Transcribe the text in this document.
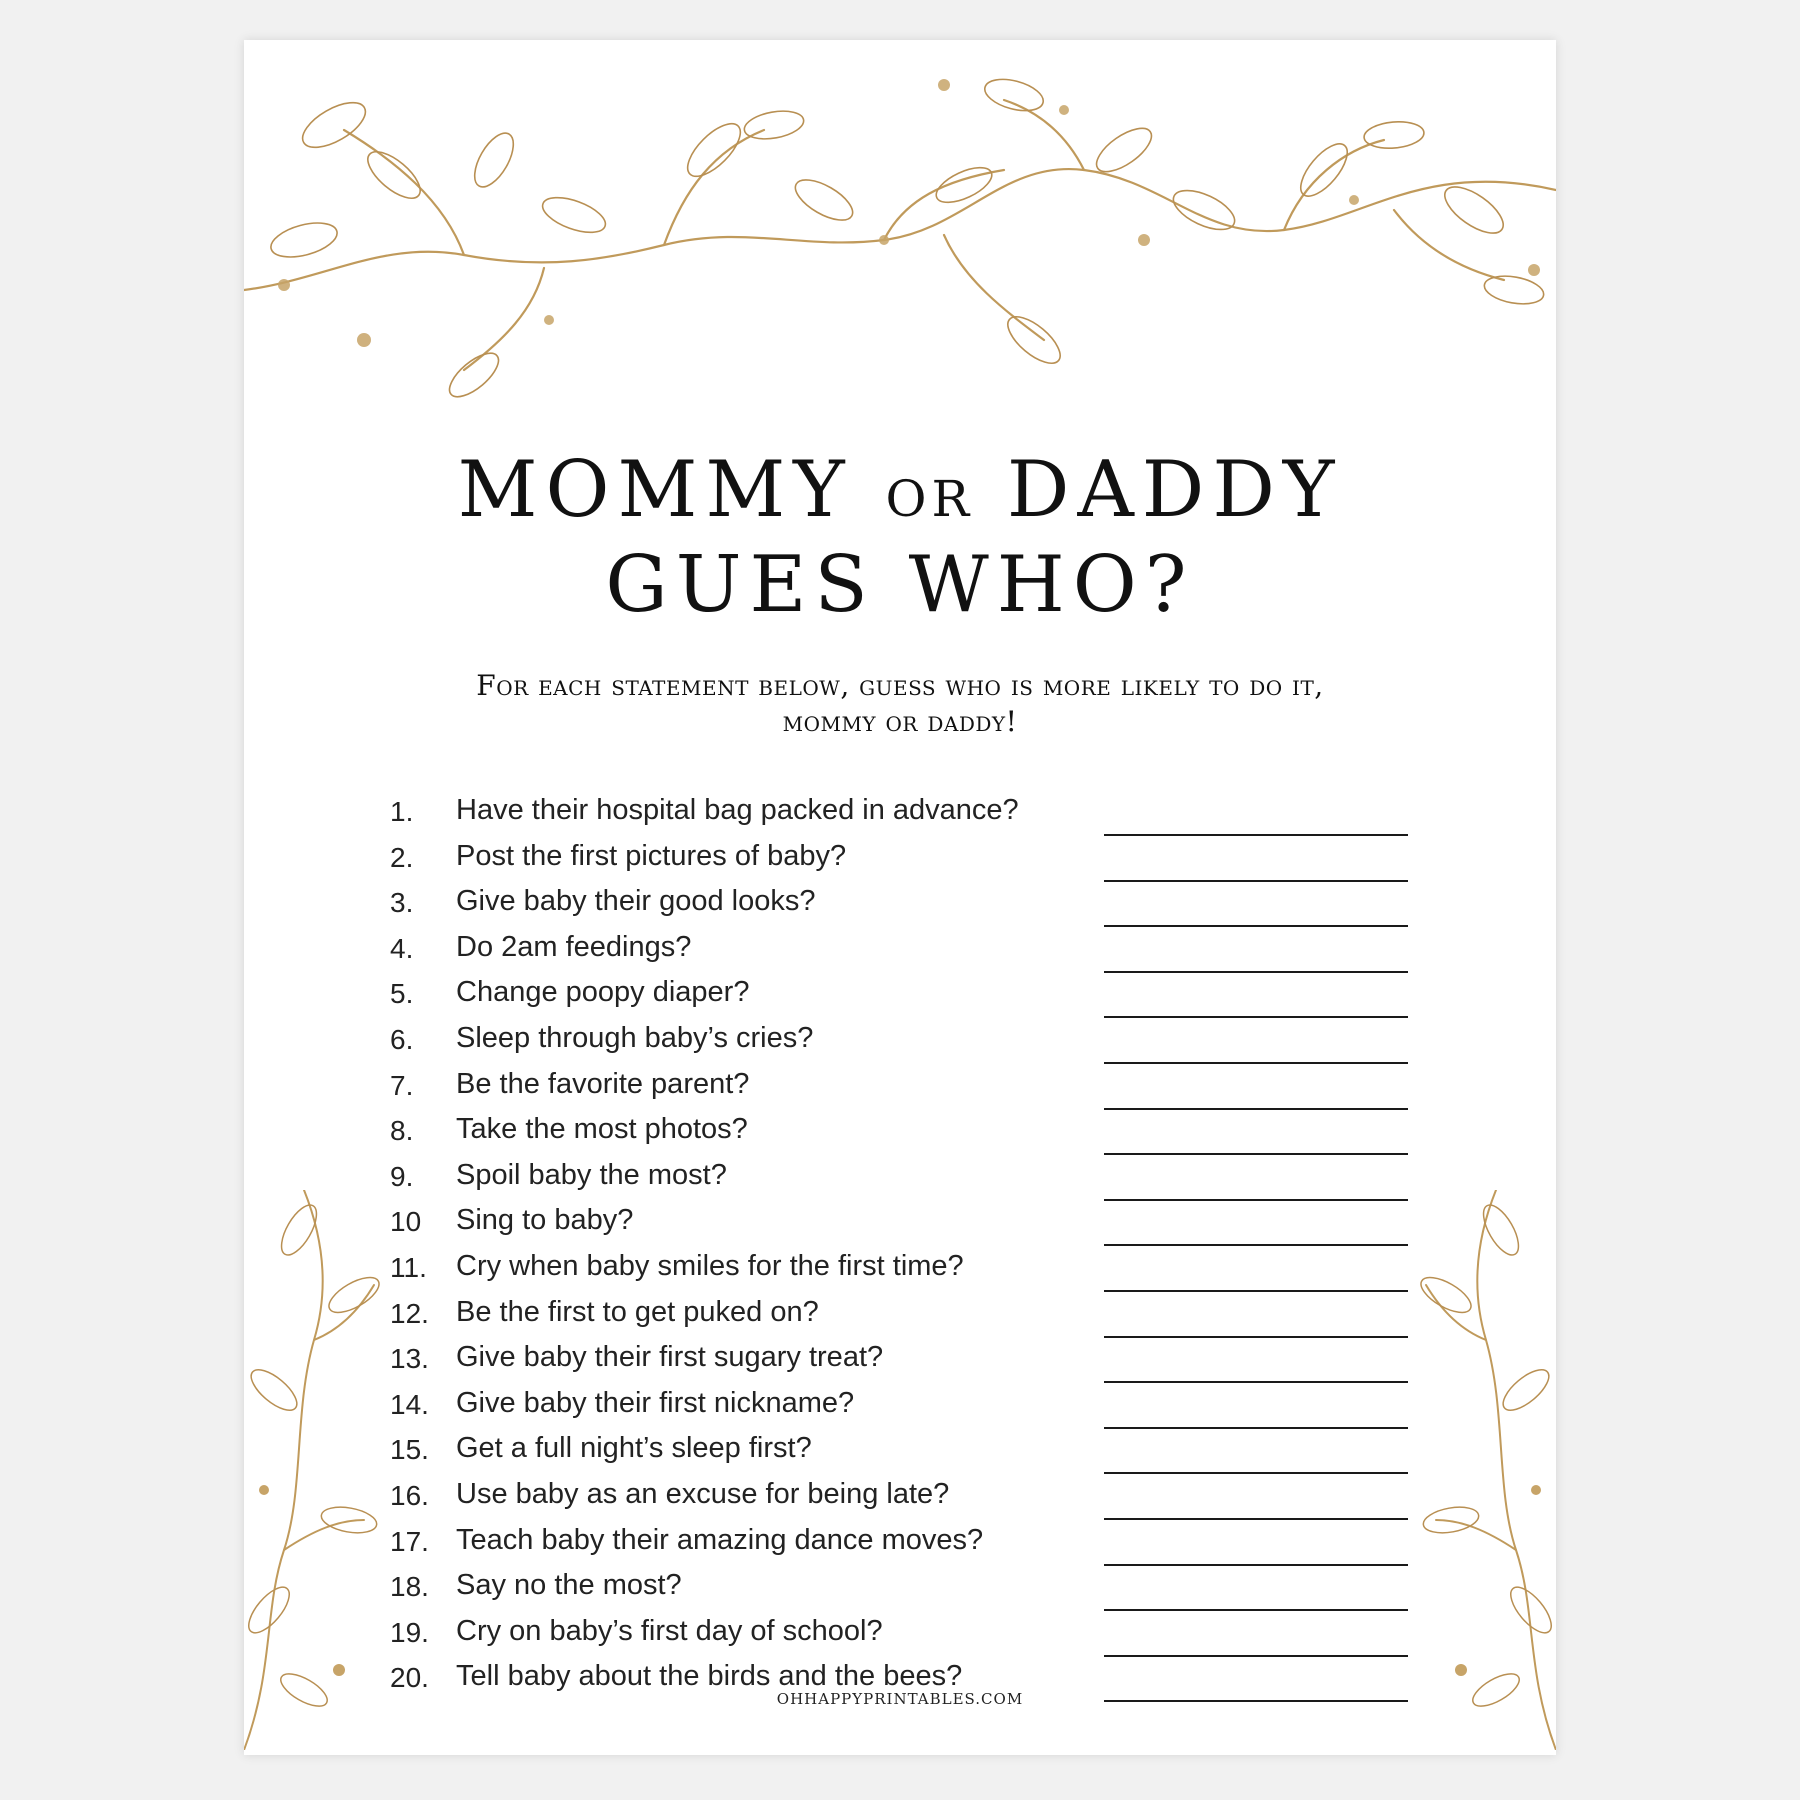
MOMMY OR DADDY
GUES WHO?
For each statement below, guess who is more likely to do it,
mommy or daddy!
1.	Have their hospital bag packed in advance?
2.	Post the first pictures of baby?
3.	Give baby their good looks?
4.	Do 2am feedings?
5.	Change poopy diaper?
6.	Sleep through baby’s cries?
7.	Be the favorite parent?
8.	Take the most photos?
9.	Spoil baby the most?
10	Sing to baby?
11.	Cry when baby smiles for the first time?
12. Be the first to get puked on?
13. Give baby their first sugary treat?
14. Give baby their first nickname?
15. Get a full night’s sleep first?
16. Use baby as an excuse for being late?
17. Teach baby their amazing dance moves?
18. Say no the most?
19. Cry on baby’s first day of school?
20. Tell baby about the birds and the bees?
OHHAPPYPRINTABLES.COM
